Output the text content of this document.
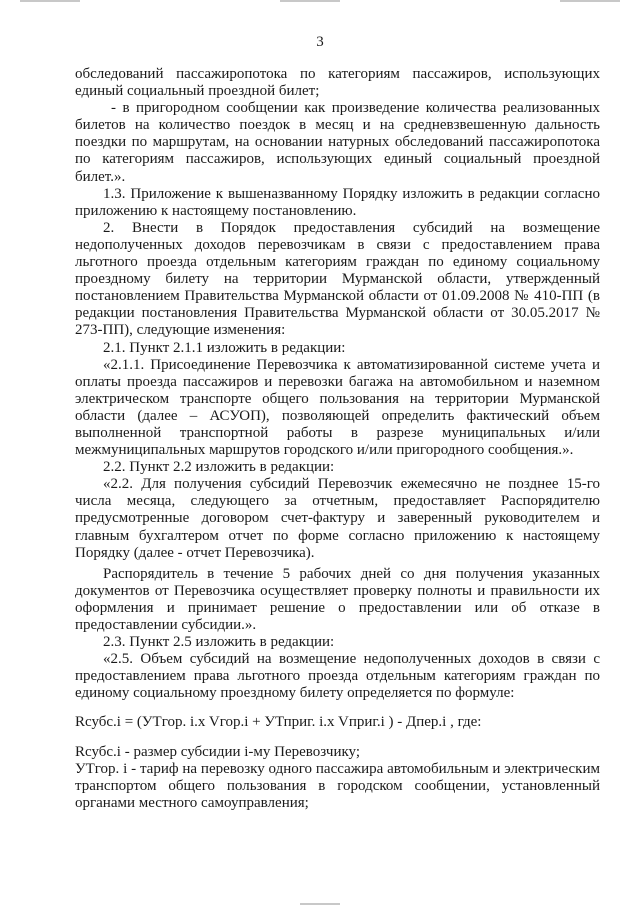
3

обследований пассажиропотока по категориям пассажиров, использующих единый социальный проездной билет;

- в пригородном сообщении как произведение количества реализованных билетов на количество поездок в месяц и на средневзвешенную дальность поездки по маршрутам, на основании натурных обследований пассажиропотока по категориям пассажиров, использующих единый социальный проездной билет.».

1.3. Приложение к вышеназванному Порядку изложить в редакции согласно приложению к настоящему постановлению.

2. Внести в Порядок предоставления субсидий на возмещение недополученных доходов перевозчикам в связи с предоставлением права льготного проезда отдельным категориям граждан по единому социальному проездному билету на территории Мурманской области, утвержденный постановлением Правительства Мурманской области от 01.09.2008 № 410-ПП (в редакции постановления Правительства Мурманской области от 30.05.2017 № 273-ПП), следующие изменения:

2.1. Пункт 2.1.1 изложить в редакции:

«2.1.1. Присоединение Перевозчика к автоматизированной системе учета и оплаты проезда пассажиров и перевозки багажа на автомобильном и наземном электрическом транспорте общего пользования на территории Мурманской области (далее – АСУОП), позволяющей определить фактический объем выполненной транспортной работы в разрезе муниципальных и/или межмуниципальных маршрутов городского и/или пригородного сообщения.».

2.2. Пункт 2.2 изложить в редакции:

«2.2. Для получения субсидий Перевозчик ежемесячно не позднее 15-го числа месяца, следующего за отчетным, предоставляет Распорядителю предусмотренные договором счет-фактуру и заверенный руководителем и главным бухгалтером отчет по форме согласно приложению к настоящему Порядку (далее - отчет Перевозчика).

Распорядитель в течение 5 рабочих дней со дня получения указанных документов от Перевозчика осуществляет проверку полноты и правильности их оформления и принимает решение о предоставлении или об отказе в предоставлении субсидии.».

2.3. Пункт 2.5 изложить в редакции:

«2.5. Объем субсидий на возмещение недополученных доходов в связи с предоставлением права льготного проезда отдельным категориям граждан по единому социальному проездному билету определяется по формуле:

Rсубс.i = (УТгор. i.x Vгор.i + УТприг. i.x Vприг.i ) - Дпер.i , где:

Rсубс.i - размер субсидии i-му Перевозчику;

УТгор. i - тариф на перевозку одного пассажира автомобильным и электрическим транспортом общего пользования в городском сообщении, установленный органами местного самоуправления;
